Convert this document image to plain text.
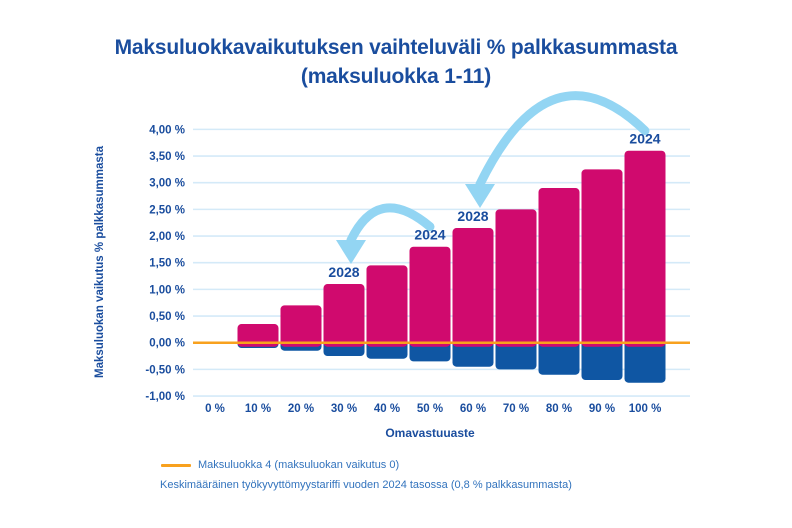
Maksuluokkavaikutuksen vaihteluväli % palkkasummasta
(maksuluokka 1-11)
4,00 %
3,50 %
3,00 %
2,50 %
2,00 %
1,50 %
1,00 %
0,50 %
0,00 %
-0,50 %
-1,00 %
2028
2024
2028
2024
0 % 10 % 20 % 30 % 40 % 50 % 60 % 70 % 80 % 90 % 100 %
Omavastuuaste
Maksuluokan vaikutus % palkkasummasta
Maksuluokka 4 (maksuluokan vaikutus 0)
Keskimääräinen työkyvyttömyystariffi vuoden 2024 tasossa (0,8 % palkkasummasta)
